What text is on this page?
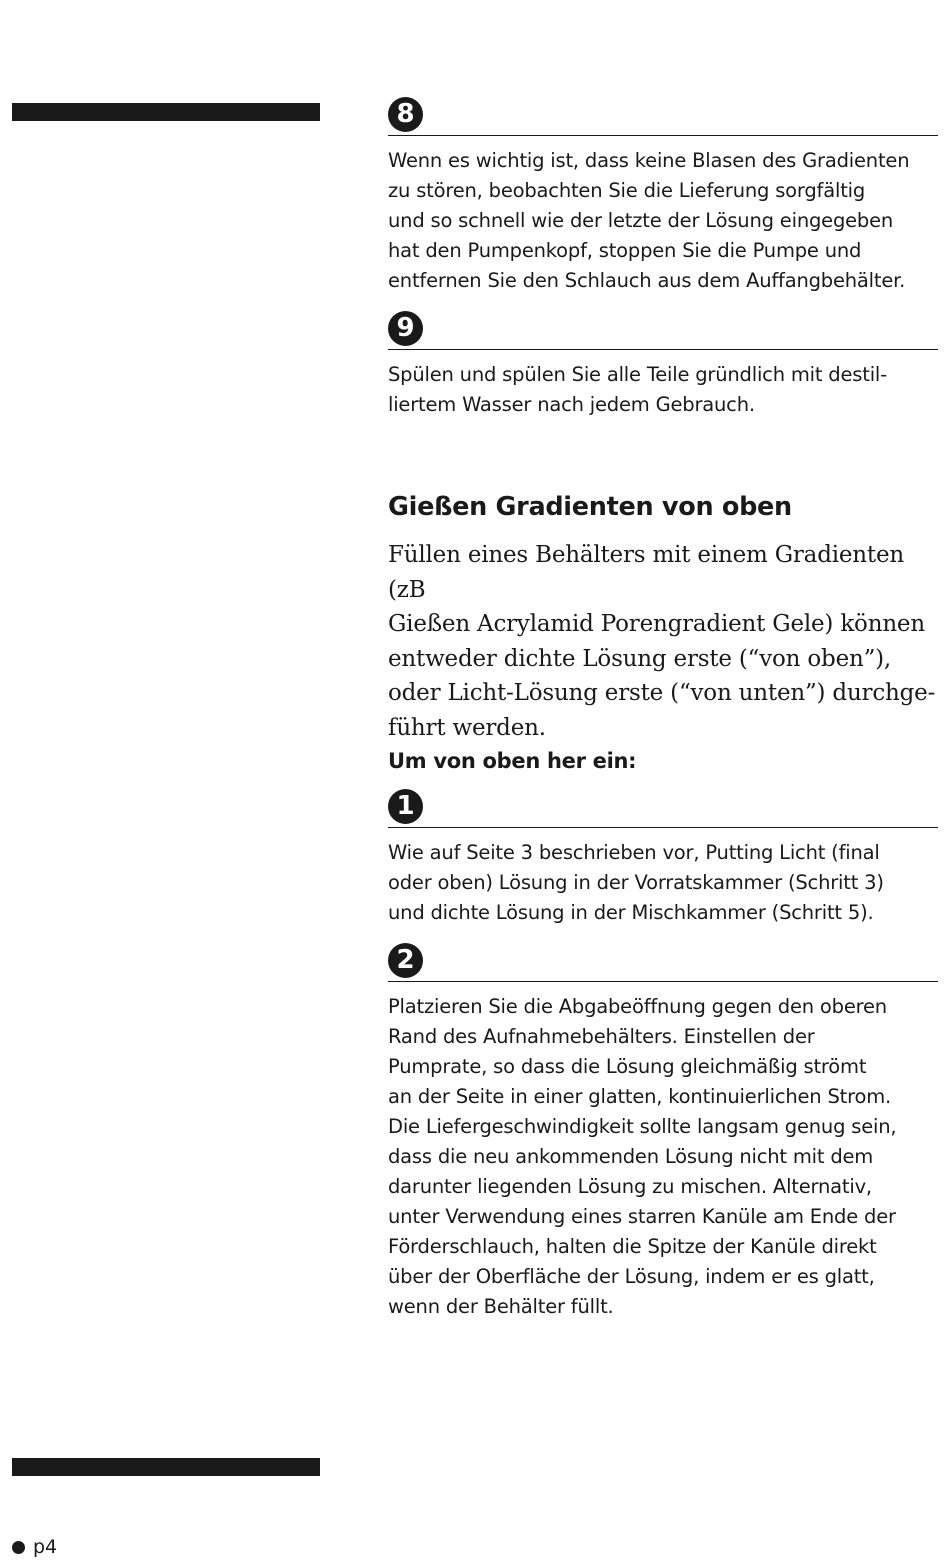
8
Wenn es wichtig ist, dass keine Blasen des Gradienten
zu stören, beobachten Sie die Lieferung sorgfältig
und so schnell wie der letzte der Lösung eingegeben
hat den Pumpenkopf, stoppen Sie die Pumpe und
entfernen Sie den Schlauch aus dem Auffangbehälter.
9
Spülen und spülen Sie alle Teile gründlich mit destil-
liertem Wasser nach jedem Gebrauch.
Gießen Gradienten von oben
Füllen eines Behälters mit einem Gradienten (zB
Gießen Acrylamid Porengradient Gele) können
entweder dichte Lösung erste (“von oben”),
oder Licht-Lösung erste (“von unten”) durchge-
führt werden.
Um von oben her ein:
1
Wie auf Seite 3 beschrieben vor, Putting Licht (final
oder oben) Lösung in der Vorratskammer (Schritt 3)
und dichte Lösung in der Mischkammer (Schritt 5).
2
Platzieren Sie die Abgabeöffnung gegen den oberen
Rand des Aufnahmebehälters. Einstellen der
Pumprate, so dass die Lösung gleichmäßig strömt
an der Seite in einer glatten, kontinuierlichen Strom.
Die Liefergeschwindigkeit sollte langsam genug sein,
dass die neu ankommenden Lösung nicht mit dem
darunter liegenden Lösung zu mischen. Alternativ,
unter Verwendung eines starren Kanüle am Ende der
Förderschlauch, halten die Spitze der Kanüle direkt
über der Oberfläche der Lösung, indem er es glatt,
wenn der Behälter füllt.
p4
